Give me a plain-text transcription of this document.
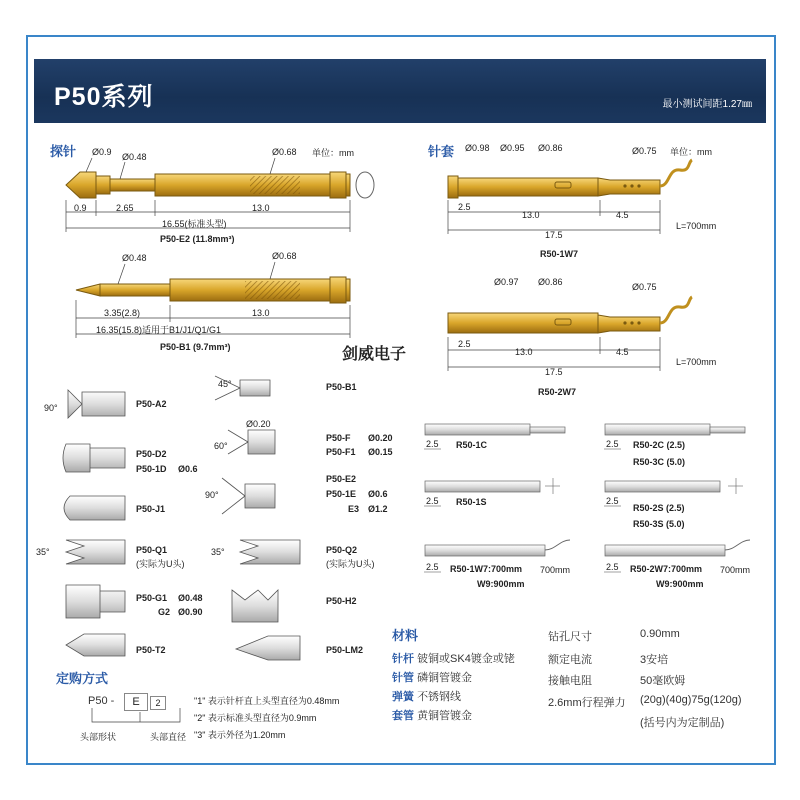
P50系列	最小测试间距1.27㎜
探针	单位：mm
Ø0.9 Ø0.48	Ø0.68
0.9	2.65	13.0
16.55(标准头型)
P50-E2 (11.8mm³)
Ø0.48	Ø0.68
3.35(2.8)	13.0
16.35(15.8)适用于B1/J1/Q1/G1
P50-B1 (9.7mm³)
针套	单位：mm
Ø0.98 Ø0.95 Ø0.86	Ø0.75
2.5
13.0	4.5
17.5
L=700mm
R50-1W7
Ø0.97 Ø0.86	Ø0.75
2.5
13.0	4.5
17.5
L=700mm
R50-2W7
剑威电子
90°	P50-A2
P50-D2
P50-1D Ø0.6
P50-J1
35°	P50-Q1
(实际为U头)
P50-G1 Ø0.48
G2 Ø0.90
P50-T2
45°	P50-B1
Ø0.20
60°
P50-F Ø0.20
P50-F1 Ø0.15
90°
P50-E2
P50-1E Ø0.6
E3 Ø1.2
35°	P50-Q2
(实际为U头)
P50-H2
P50-LM2
2.5 R50-1C	2.5 R50-2C (2.5)
R50-3C (5.0)
2.5 R50-1S	2.5
R50-2S (2.5)
R50-3S (5.0)
2.5 R50-1W7:700mm
W9:900mm
700mm	2.5 R50-2W7:700mm
W9:900mm
700mm
材料
针杆 铍铜或SK4镀金或铑
针管 磷铜管镀金
弹簧 不锈钢线
套管 黄铜管镀金
钻孔尺寸	0.90mm
额定电流	3安培
接触电阻	50毫欧姆
2.6mm行程弹力 (20g)(40g)75g(120g)
(括号内为定制品)
定购方式
P50 -	E	2
头部形状	头部直径
"1" 表示针杆直上头型直径为0.48mm
"2" 表示标准头型直径为0.9mm
"3" 表示外径为1.20mm
